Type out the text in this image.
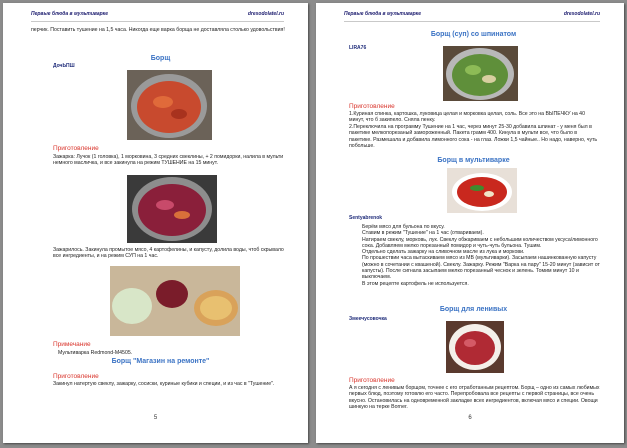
Первые блюда в мультиварке	dresodolatel.ru
перчик. Поставить тушение на 1,5 часа. Никогда еще варка борща не доставляла столько удовольствия!
ДочЬПШ
Борщ
Приготовление
Зажарка: Лучок (1 головка), 1 морковина, 3 средних свеклины, + 2 помидорки, налила в мульти немного масличка, и все закинула на режим ТУШЕНИЕ на 15 минут.
Зажарилось. Закинула промытое мясо, 4 картофелины, и капусту, долила воды, чтоб скрывало все ингредиенты, и на режим СУП на 1 час.
Примечание
Мультиварка Redmond-M4505.
Борщ "Магазин на ремонте"
Приготовление
Закинул натертую свеклу, зажарку, сосиски, куриные кубики и специи, и из час в "Тушение".
5
Первые блюда в мультиварке	dresodolatel.ru
Борщ (суп) со шпинатом
LIRA76
Приготовление
1.Куриная спинка, картошка, луковица целая и морковка целая, соль. Все это на ВЫПЕЧКУ на 40 минут, что б закипело. Сняла пенку.
2.Переключила на программу Тушение на 1 час, через минут 25-30 добавила шпинат - у меня был в пакетике мелкопорезаный замороженный. Пакета грамм 400. Кинула в мульти все, что было в пакетике. Размешала и добавила лимонного сока - на глаз. Ложки 1,5 чайные.. Но надо, наверно, чуть побольше.
Борщ в мультиварке
Sentyabrenok
Берём мясо для бульона по вкусу.
Ставим в режим "Тушение" на 1 час (отвариваем).
Натираем свеклу, морковь, лук. Свеклу обжариваем с небольшим количеством уксуса/лимонного сока. Добавляем мелко порезанный помидор и чуть-чуть бульона. Тушим.
Отдельно сделать зажарку на сливочном масле из лука и моркови.
По прошествии часа вытаскиваем мясо из МВ (мультиварки). Засыпаем нашинкованную капусту (можно в сочетании с квашеной). Свеклу. Зажарку. Режим "Варка на пару" 15-20 минут (зависит от капусты). После сигнала засыпаем мелко порезанный чеснок и зелень. Томим минут 10 и выключаем.
В этом рецепте картофель не используется.
Змеечусовочка
Борщ для ленивых
Приготовление
А я сегодня с ленивым борщом, точнее с его отработанным рецептом. Борщ – одно из самых любимых первых блюд, поэтому готовлю его часто. Перепробовала все рецепты с первой страницы, все очень вкусно. Остановилась на одновременной закладке всех ингредиентов, включая мясо и специи. Овощи шинкую на терке Borner.
6
